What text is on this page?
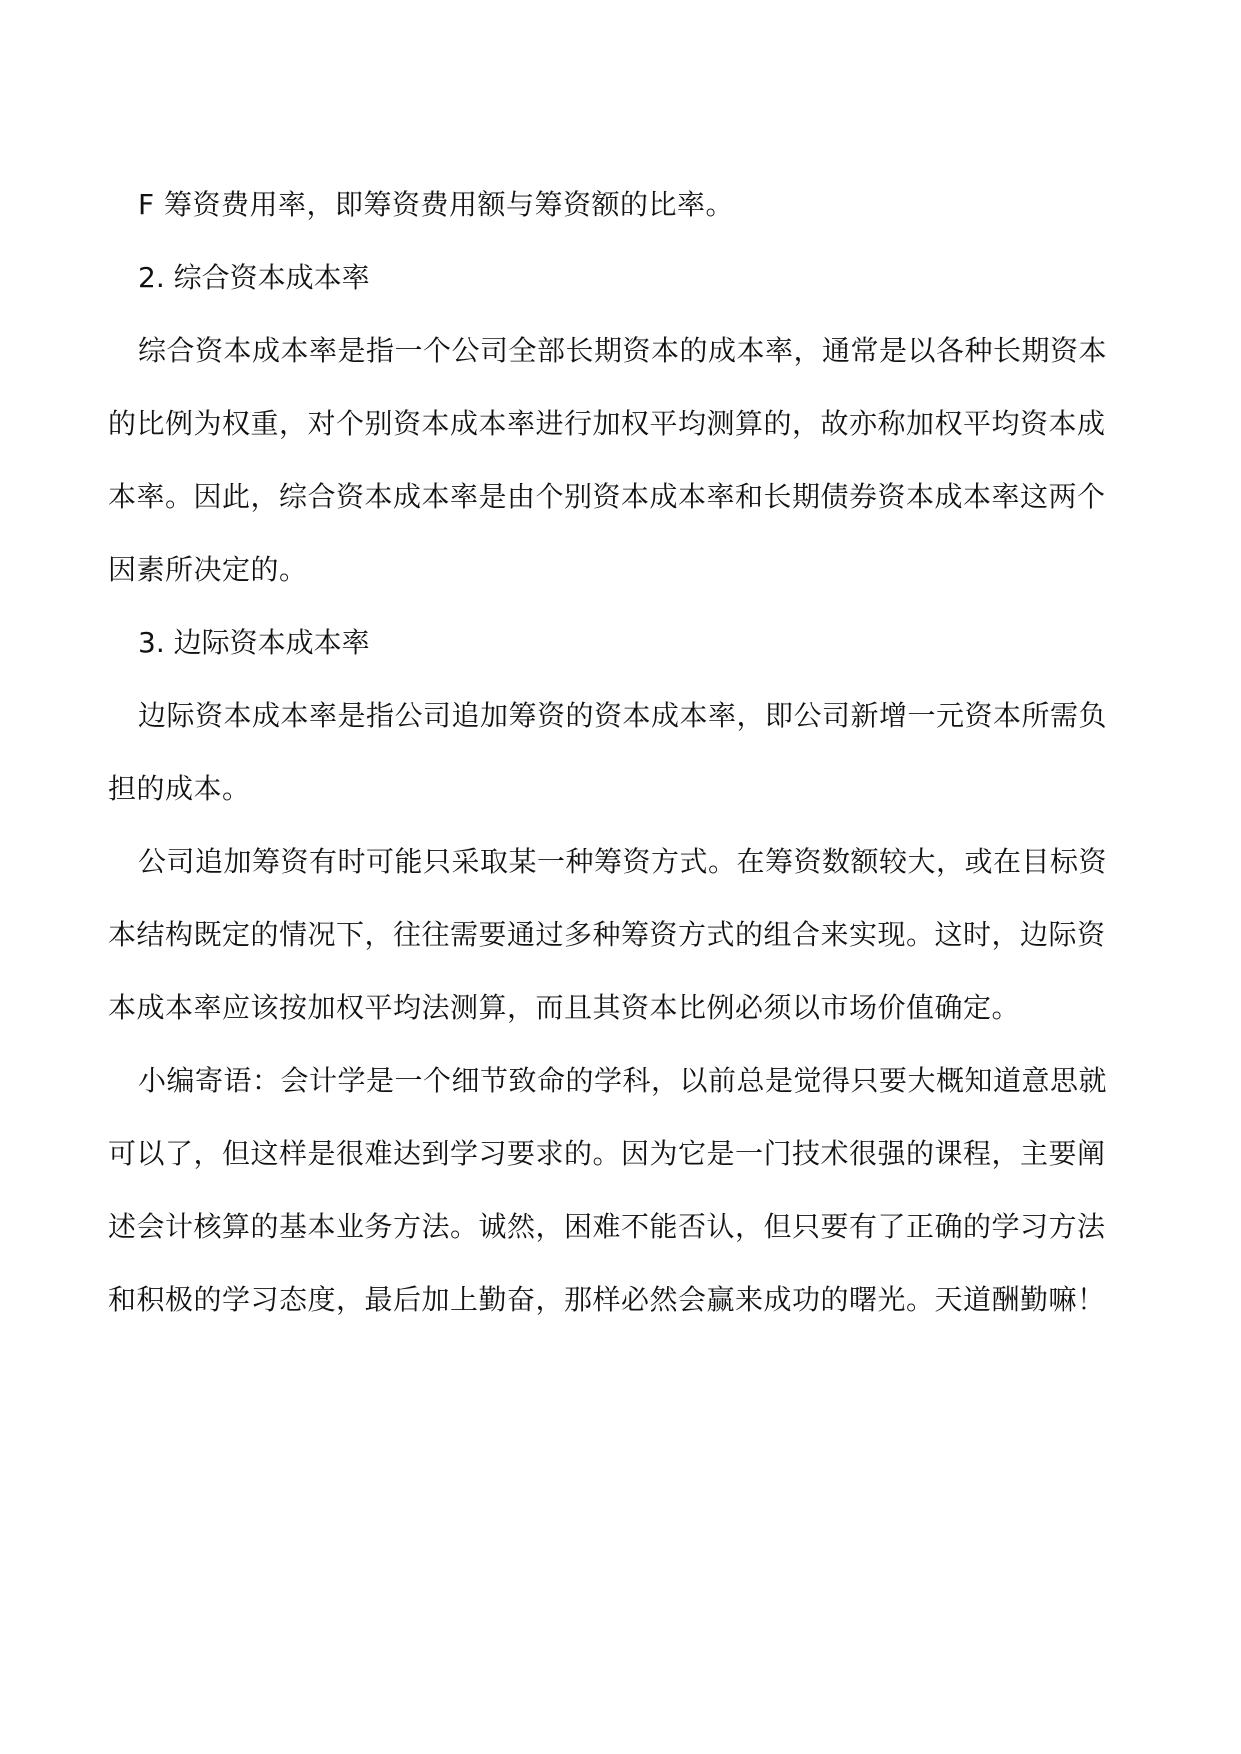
F 筹资费用率，即筹资费用额与筹资额的比率。

2. 综合资本成本率

综合资本成本率是指一个公司全部长期资本的成本率，通常是以各种长期资本
的比例为权重，对个别资本成本率进行加权平均测算的，故亦称加权平均资本成
本率。因此，综合资本成本率是由个别资本成本率和长期债券资本成本率这两个
因素所决定的。

3. 边际资本成本率

边际资本成本率是指公司追加筹资的资本成本率，即公司新增一元资本所需负
担的成本。

公司追加筹资有时可能只采取某一种筹资方式。在筹资数额较大，或在目标资
本结构既定的情况下，往往需要通过多种筹资方式的组合来实现。这时，边际资
本成本率应该按加权平均法测算，而且其资本比例必须以市场价值确定。

小编寄语：会计学是一个细节致命的学科，以前总是觉得只要大概知道意思就
可以了，但这样是很难达到学习要求的。因为它是一门技术很强的课程，主要阐
述会计核算的基本业务方法。诚然，困难不能否认，但只要有了正确的学习方法
和积极的学习态度，最后加上勤奋，那样必然会赢来成功的曙光。天道酬勤嘛！
